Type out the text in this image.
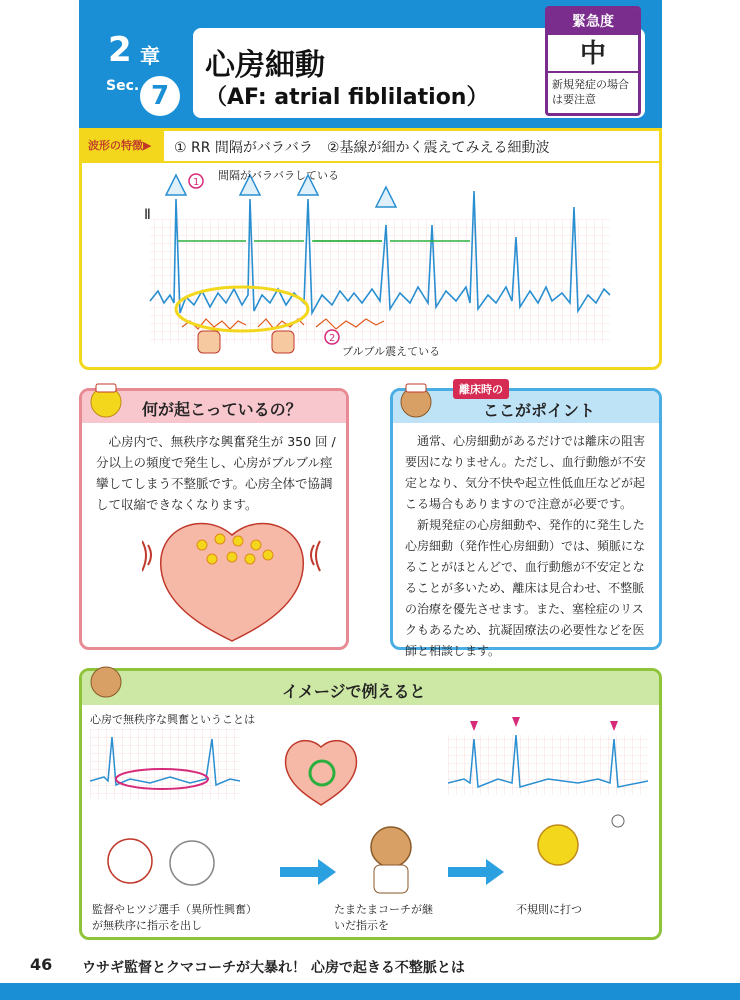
2 章
Sec. 7
心房細動
（AF: atrial fiblilation）
緊急度
中
新規発症の場合は要注意
波形の特徴▶	① RR 間隔がバラバラ　②基線が細かく震えてみえる細動波
Ⅱ
1
間隔がバラバラしている
2
ブルブル震えている
何が起こっているの？
心房内で、無秩序な興奮発生が 350 回 / 分以上の頻度で発生し、心房がブルブル痙攣してしまう不整脈です。心房全体で協調して収縮できなくなります。
離床時の
ここがポイント

通常、心房細動があるだけでは離床の阻害要因になりません。ただし、血行動態が不安定となり、気分不快や起立性低血圧などが起こる場合もありますので注意が必要です。

新規発症の心房細動や、発作的に発生した心房細動（発作性心房細動）では、頻脈になることがほとんどで、血行動態が不安定となることが多いため、離床は見合わせ、不整脈の治療を優先させます。また、塞栓症のリスクもあるため、抗凝固療法の必要性などを医師と相談します。

イメージで例えると
心房で無秩序な興奮ということは
監督やヒツジ選手（異所性興奮）が無秩序に指示を出し
たまたまコーチが継いだ指示を
不規則に打つ
46 ウサギ監督とクマコーチが大暴れ！ 心房で起きる不整脈とは
